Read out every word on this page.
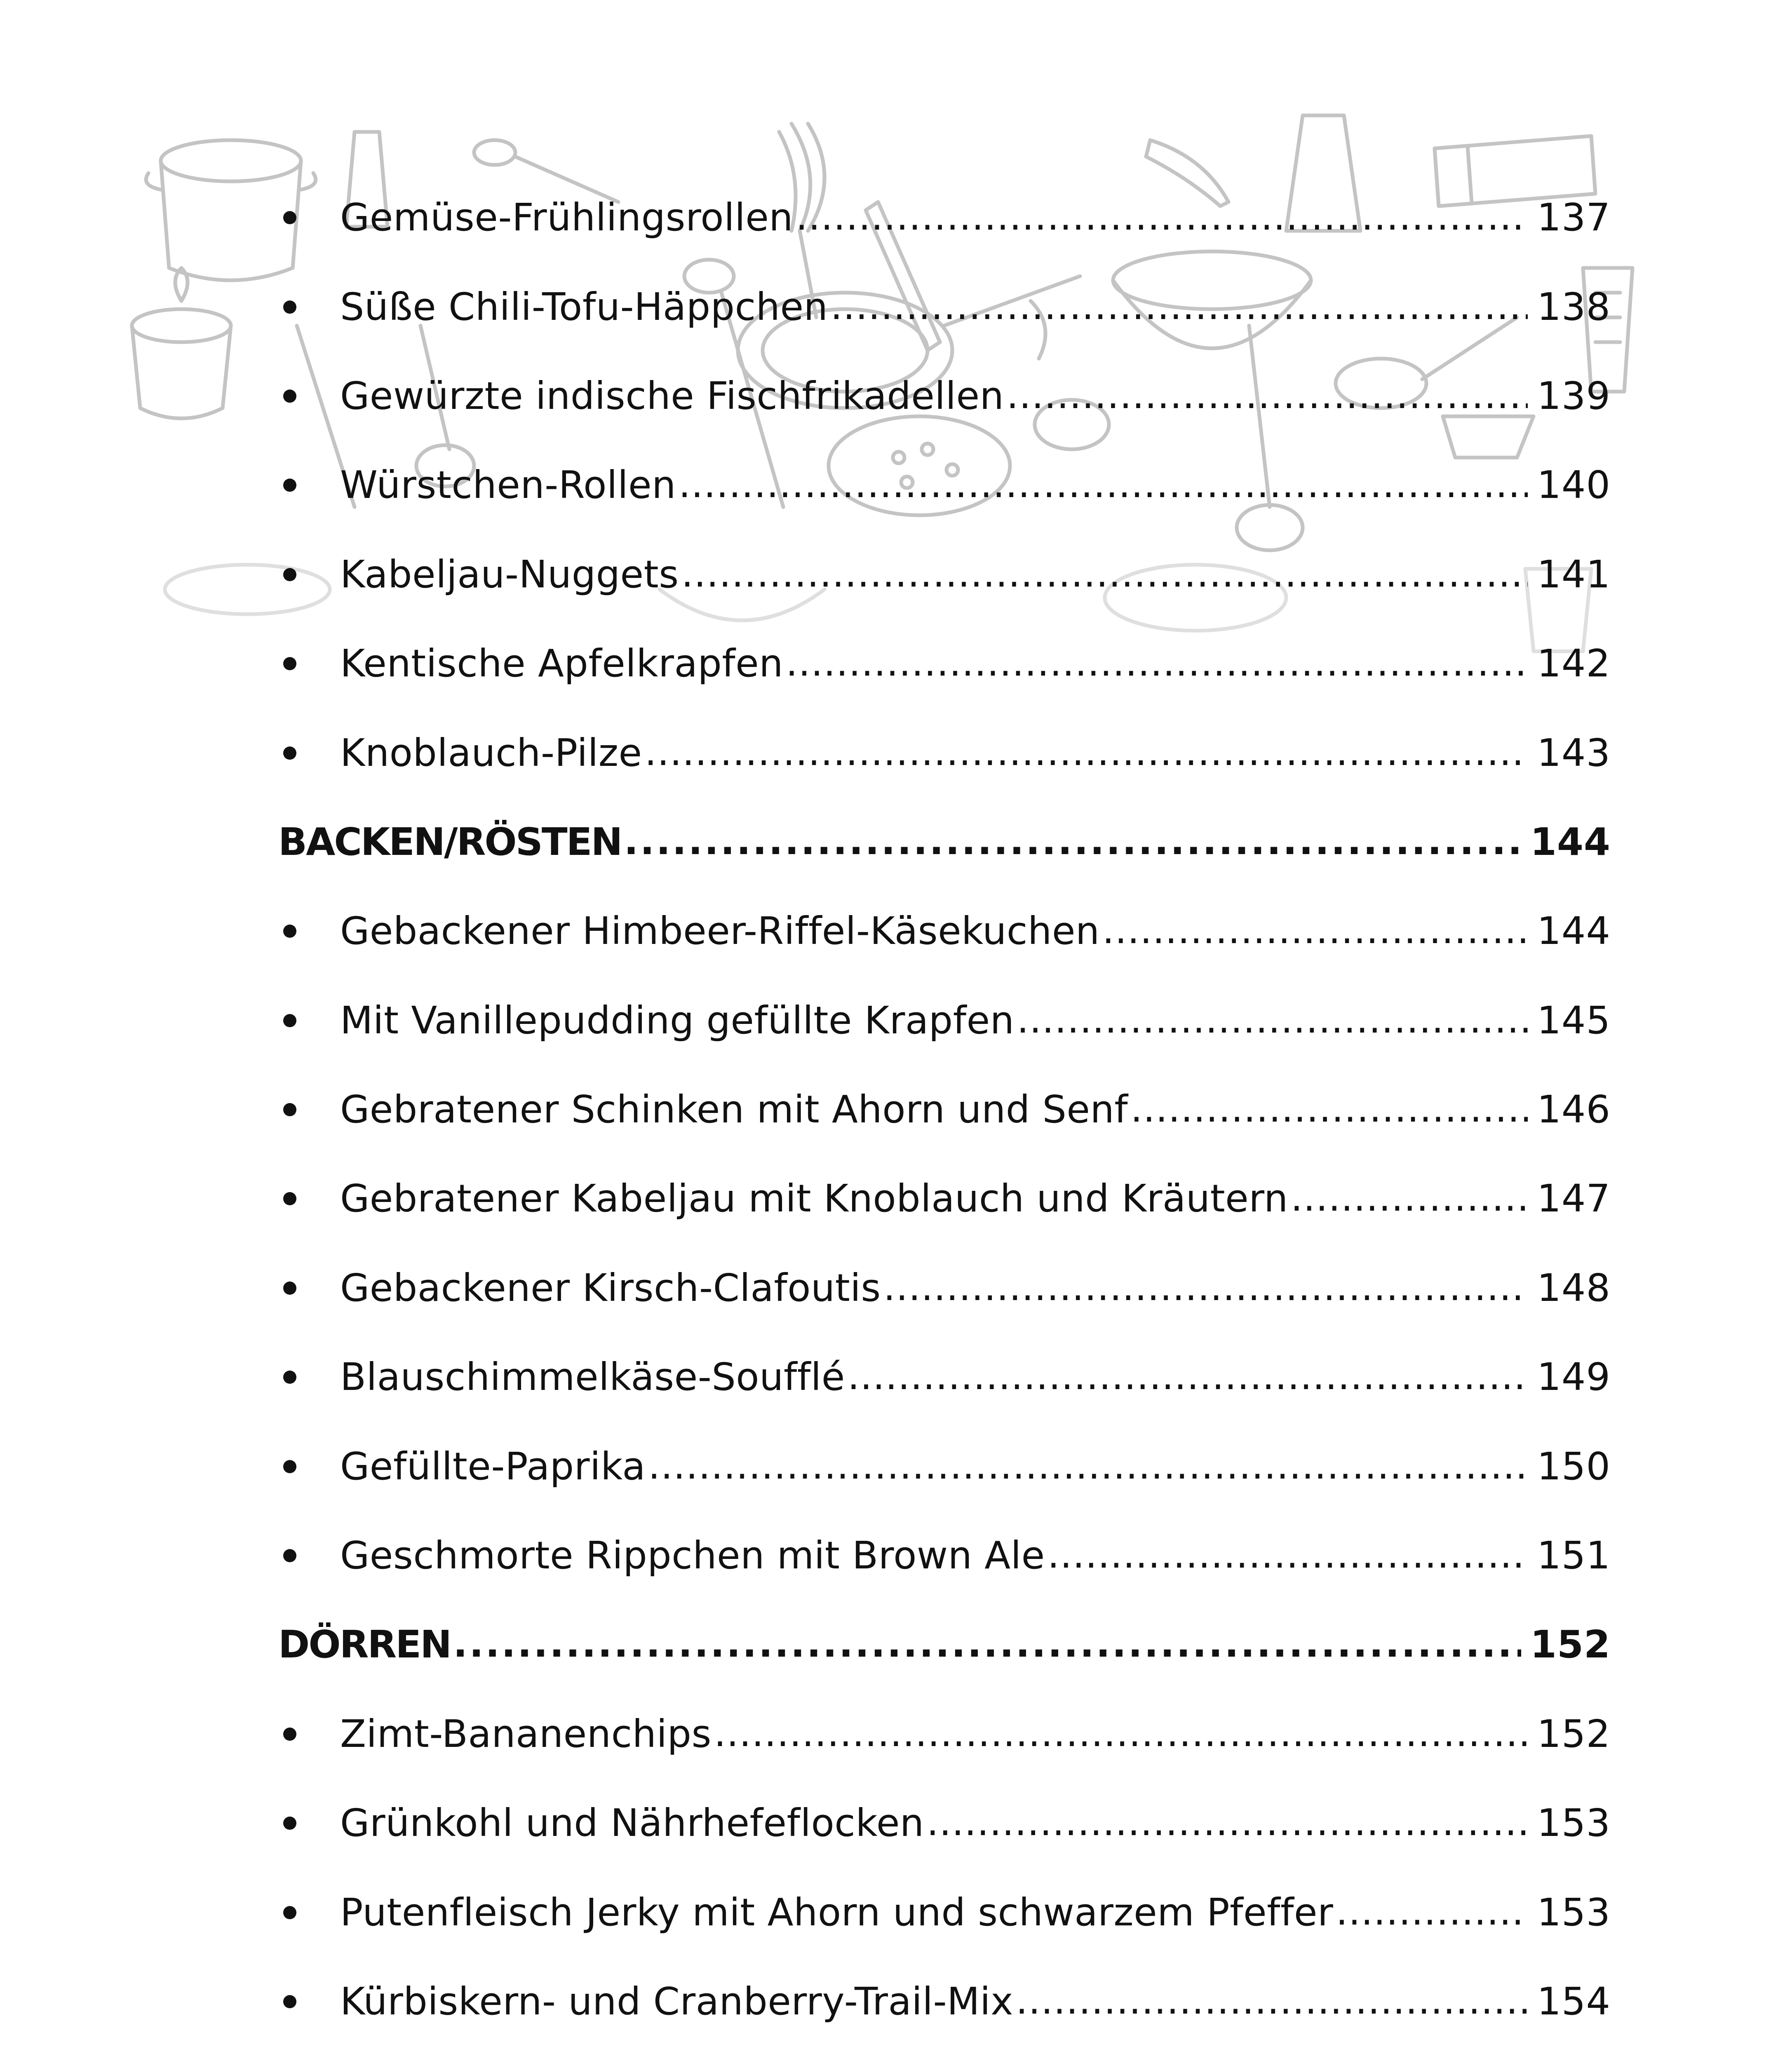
Gemüse-Frühlingsrollen . . .	137
Süße Chili-Tofu-Häppchen . . .	138
Gewürzte indische Fischfrikadellen . . .	139
Würstchen-Rollen . . .	140
Kabeljau-Nuggets . . .	141
Kentische Apfelkrapfen . . .	142
Knoblauch-Pilze . . .	143
BACKEN/RÖSTEN . . .	144
Gebackener Himbeer-Riffel-Käsekuchen . . .	144
Mit Vanillepudding gefüllte Krapfen . . .	145
Gebratener Schinken mit Ahorn und Senf . . .	146
Gebratener Kabeljau mit Knoblauch und Kräutern . . .	147
Gebackener Kirsch-Clafoutis . . .	148
Blauschimmelkäse-Soufflé . . .	149
Gefüllte-Paprika . . .	150
Geschmorte Rippchen mit Brown Ale . . .	151
DÖRREN . . .	152
Zimt-Bananenchips . . .	152
Grünkohl und Nährhefeflocken . . .	153
Putenfleisch Jerky mit Ahorn und schwarzem Pfeffer . . .	153
Kürbiskern- und Cranberry-Trail-Mix . . .	154
